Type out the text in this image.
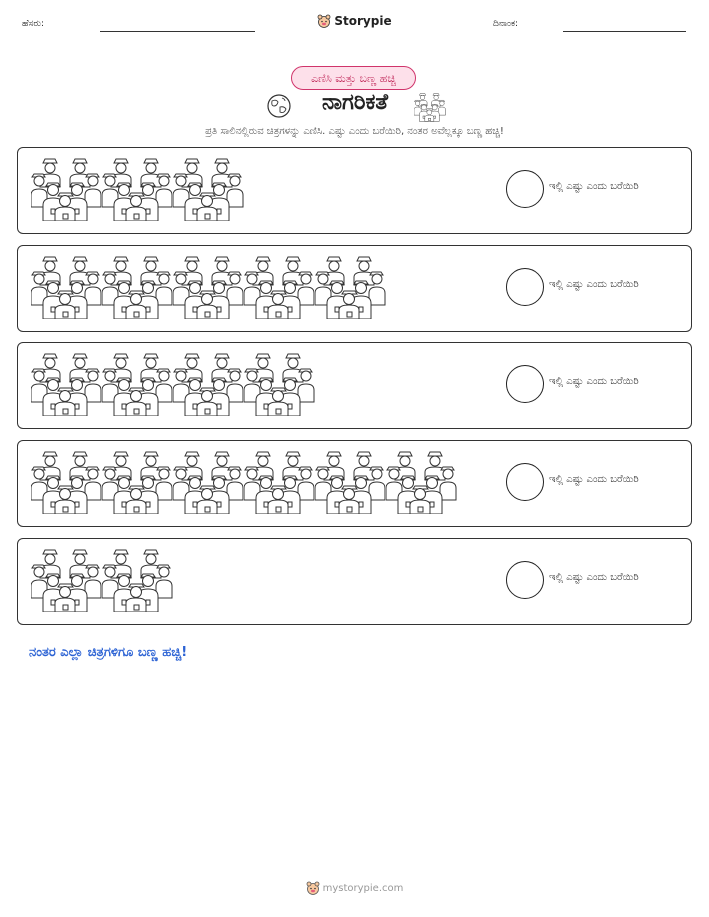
ಹೆಸರು:	Storypie	ದಿನಾಂಕ:
ಎಣಿಸಿ ಮತ್ತು ಬಣ್ಣ ಹಚ್ಚಿ
ನಾಗರಿಕತೆ
ಪ್ರತಿ ಸಾಲಿನಲ್ಲಿರುವ ಚಿತ್ರಗಳನ್ನು ಎಣಿಸಿ. ಎಷ್ಟು ಎಂದು ಬರೆಯಿರಿ, ನಂತರ ಅವೆಲ್ಲಕ್ಕೂ ಬಣ್ಣ ಹಚ್ಚಿ!
ಇಲ್ಲಿ ಎಷ್ಟು ಎಂದು ಬರೆಯಿರಿ
ಇಲ್ಲಿ ಎಷ್ಟು ಎಂದು ಬರೆಯಿರಿ
ಇಲ್ಲಿ ಎಷ್ಟು ಎಂದು ಬರೆಯಿರಿ
ಇಲ್ಲಿ ಎಷ್ಟು ಎಂದು ಬರೆಯಿರಿ
ಇಲ್ಲಿ ಎಷ್ಟು ಎಂದು ಬರೆಯಿರಿ
ನಂತರ ಎಲ್ಲಾ ಚಿತ್ರಗಳಿಗೂ ಬಣ್ಣ ಹಚ್ಚಿ!
mystorypie.com
